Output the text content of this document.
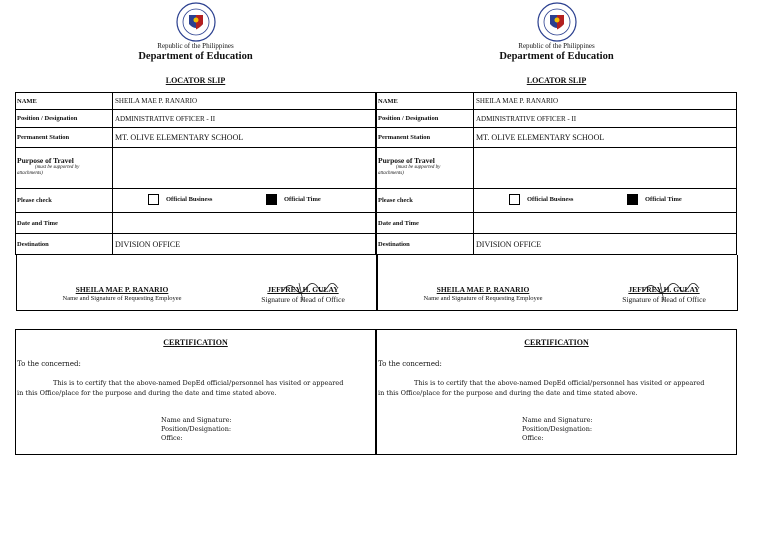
Republic of the Philippines
Department of Education
LOCATOR SLIP
NAME	SHEILA MAE P. RANARIO
Position / Designation	ADMINISTRATIVE OFFICER - II
Permanent Station	MT. OLIVE ELEMENTARY SCHOOL
Purpose of Travel
(must be supported by
attachments)
Please check	Official Business	Official Time
Date and Time
Destination	DIVISION OFFICE
SHEILA MAE P. RANARIO
Name and Signature of Requesting Employee
JEFFREY H. GULAY
Signature of Head of Office
CERTIFICATION
To the concerned:
This is to certify that the above-named DepEd official/personnel has visited or appeared in this Office/place for the purpose and during the date and time stated above.
Name and Signature:
Position/Designation:
Office:
Republic of the Philippines
Department of Education
LOCATOR SLIP
NAME	SHEILA MAE P. RANARIO
Position / Designation	ADMINISTRATIVE OFFICER - II
Permanent Station	MT. OLIVE ELEMENTARY SCHOOL
Purpose of Travel
(must be supported by
attachments)
Please check	Official Business	Official Time
Date and Time
Destination	DIVISION OFFICE
SHEILA MAE P. RANARIO
Name and Signature of Requesting Employee
JEFFREY H. GULAY
Signature of Head of Office
CERTIFICATION
To the concerned:
This is to certify that the above-named DepEd official/personnel has visited or appeared in this Office/place for the purpose and during the date and time stated above.
Name and Signature:
Position/Designation:
Office:
